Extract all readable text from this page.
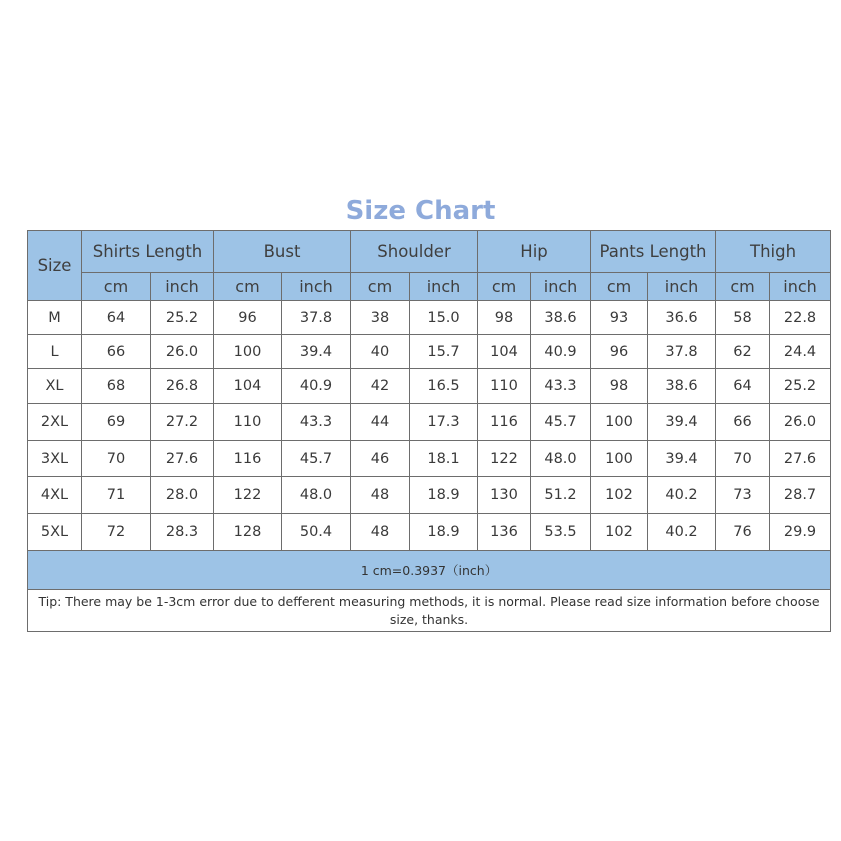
Size Chart
Size	Shirts Length		Bust		Shoulder		Hip		Pants Length		Thigh	
	cm	inch	cm	inch	cm	inch	cm	inch	cm	inch	cm	inch
M	64	25.2	96	37.8	38	15.0	98	38.6	93	36.6	58	22.8
L	66	26.0	100	39.4	40	15.7	104	40.9	96	37.8	62	24.4
XL	68	26.8	104	40.9	42	16.5	110	43.3	98	38.6	64	25.2
2XL	69	27.2	110	43.3	44	17.3	116	45.7	100	39.4	66	26.0
3XL	70	27.6	116	45.7	46	18.1	122	48.0	100	39.4	70	27.6
4XL	71	28.0	122	48.0	48	18.9	130	51.2	102	40.2	73	28.7
5XL	72	28.3	128	50.4	48	18.9	136	53.5	102	40.2	76	29.9
1 cm=0.3937（inch）												
Tip: There may be 1-3cm error due to defferent measuring methods, it is normal. Please read size information before choose size, thanks.												
